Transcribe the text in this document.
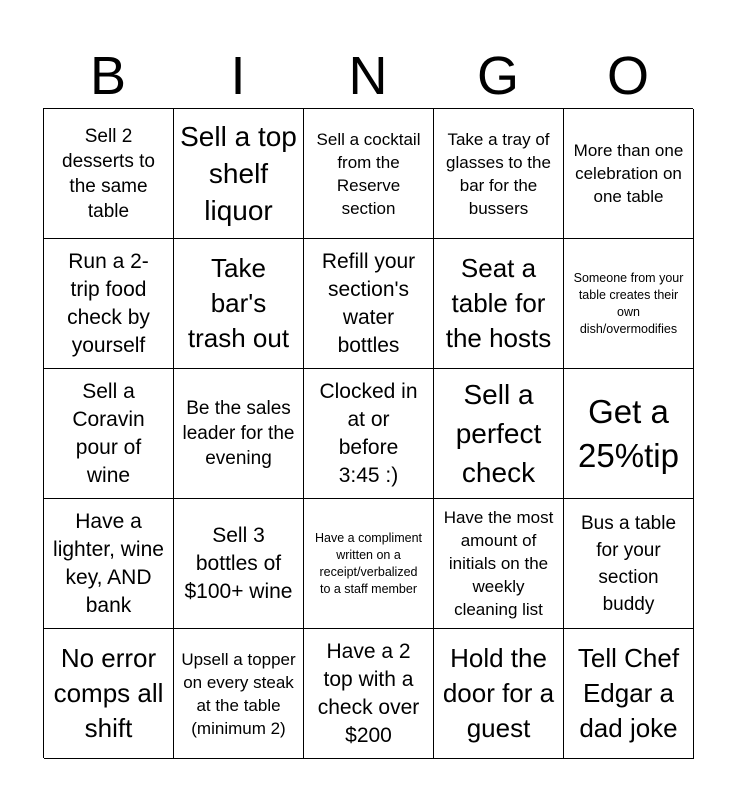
B	I	N	G	O
Sell 2 desserts to the same table
Sell a top shelf liquor
Sell a cocktail from the Reserve section
Take a tray of glasses to the bar for the bussers
More than one celebration on one table
Run a 2-trip food check by yourself
Take bar's trash out
Refill your section's water bottles
Seat a table for the hosts
Someone from your table creates their own dish/overmodifies
Sell a Coravin pour of wine
Be the sales leader for the evening
Clocked in at or before 3:45 :)
Sell a perfect check
Get a 25%tip
Have a lighter, wine key, AND bank
Sell 3 bottles of $100+ wine
Have a compliment written on a receipt/verbalized to a staff member
Have the most amount of initials on the weekly cleaning list
Bus a table for your section buddy
No error comps all shift
Upsell a topper on every steak at the table (minimum 2)
Have a 2 top with a check over $200
Hold the door for a guest
Tell Chef Edgar a dad joke
